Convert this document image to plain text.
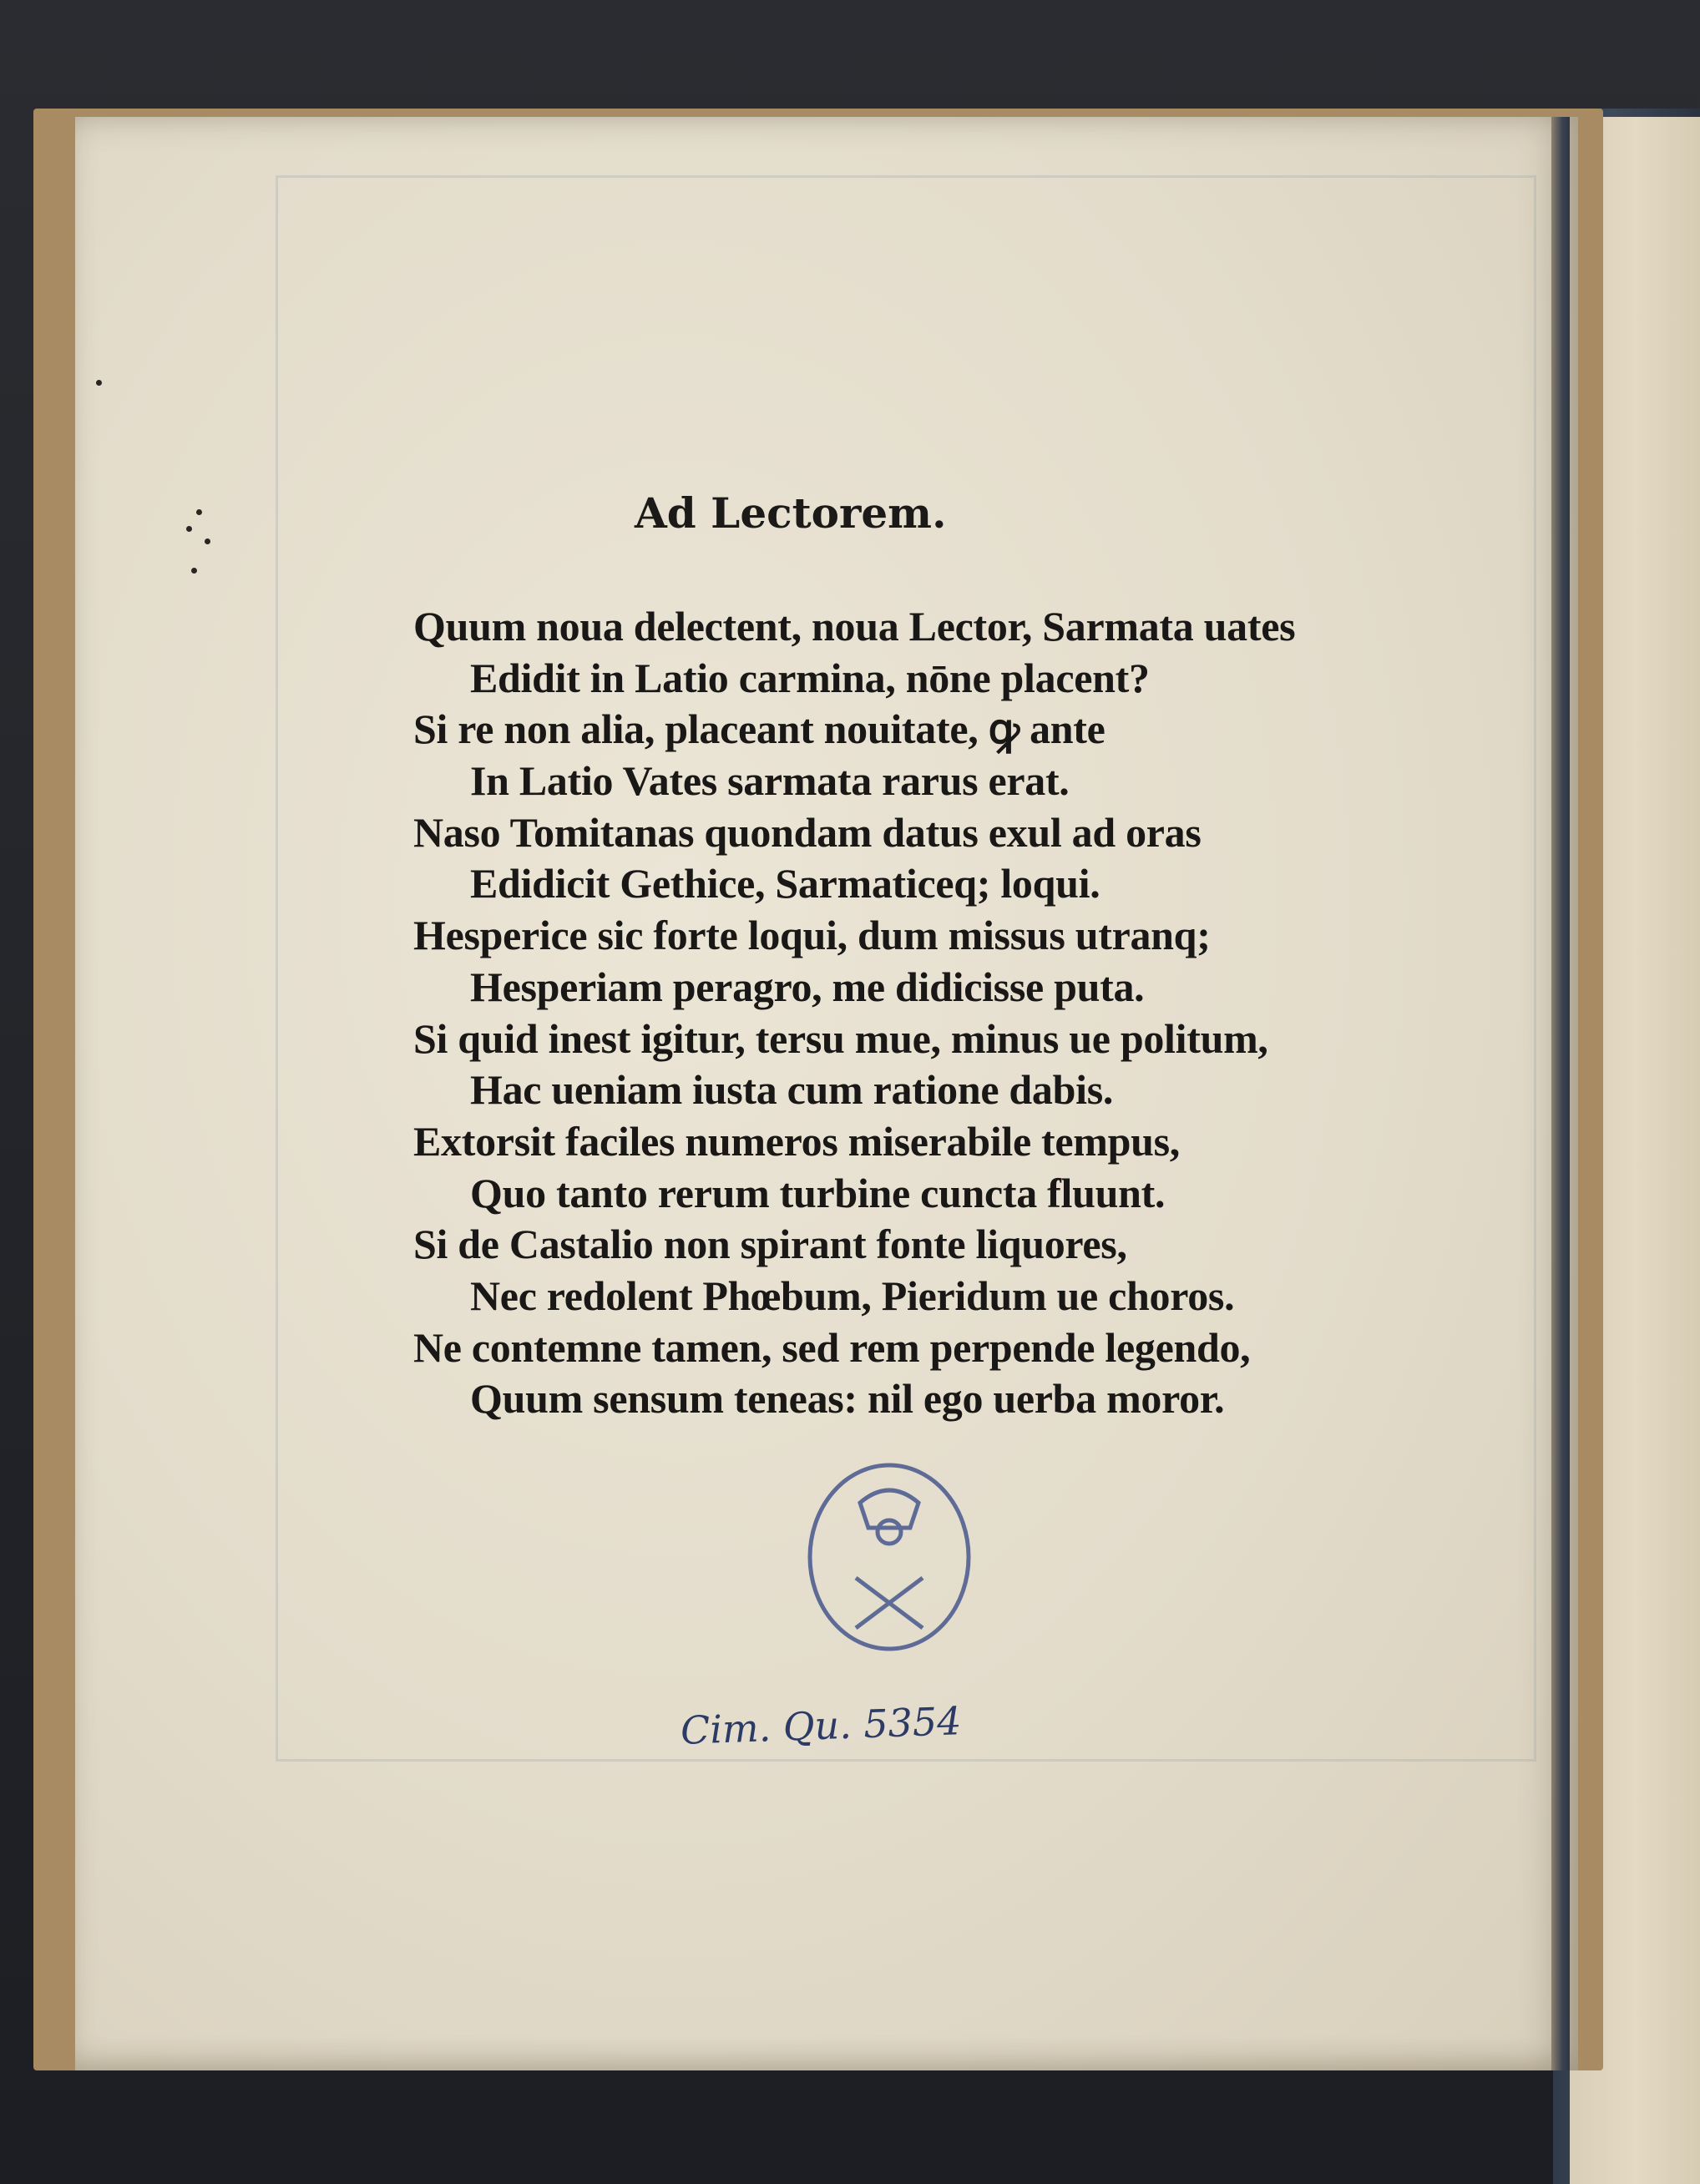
Ad Lectorem.
Quum noua delectent, noua Lector, Sarmata uates
Edidit in Latio carmina, nōne placent?
Si re non alia, placeant nouitate, ꝙ ante
In Latio Vates sarmata rarus erat.
Naso Tomitanas quondam datus exul ad oras
Edidicit Gethice, Sarmaticeq; loqui.
Hesperice sic forte loqui, dum missus utranq;
Hesperiam peragro, me didicisse puta.
Si quid inest igitur, tersu mue, minus ue politum,
Hac ueniam iusta cum ratione dabis.
Extorsit faciles numeros miserabile tempus,
Quo tanto rerum turbine cuncta fluunt.
Si de Castalio non spirant fonte liquores,
Nec redolent Phœbum, Pieridum ue choros.
Ne contemne tamen, sed rem perpende legendo,
Quum sensum teneas: nil ego uerba moror.
Cim. Qu. 5354
